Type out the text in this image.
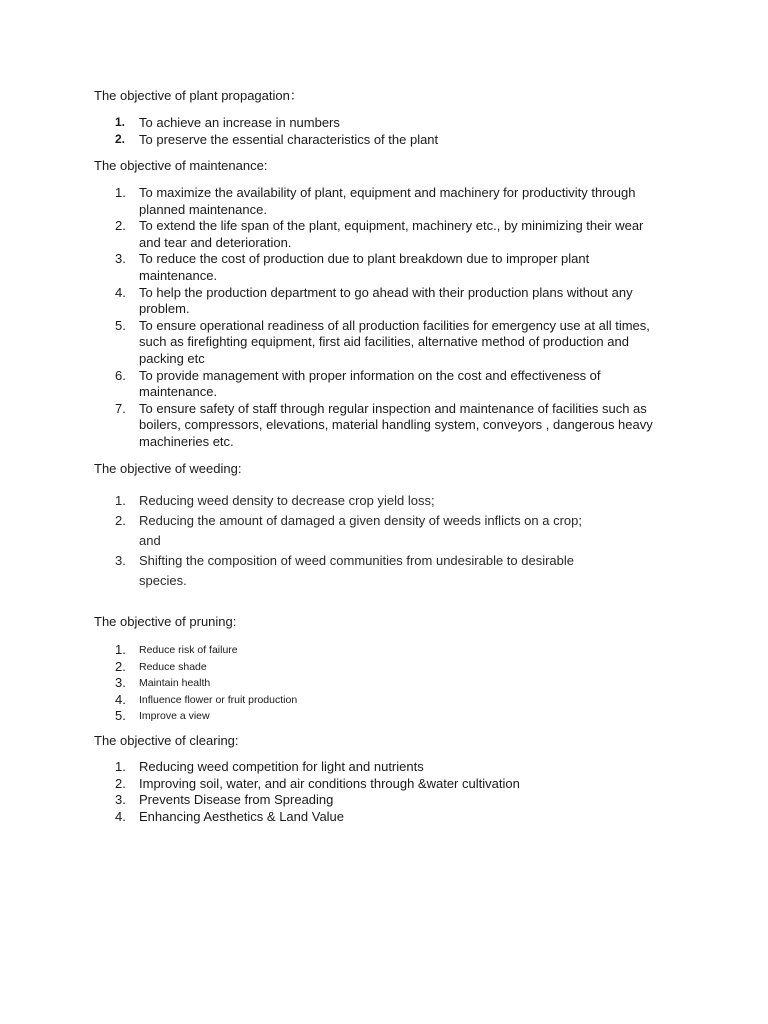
The objective of plant propagation：
1. To achieve an increase in numbers
2. To preserve the essential characteristics of the plant
The objective of maintenance:
1. To maximize the availability of plant, equipment and machinery for productivity through planned maintenance.
2. To extend the life span of the plant, equipment, machinery etc., by minimizing their wear and tear and deterioration.
3. To reduce the cost of production due to plant breakdown due to improper plant maintenance.
4. To help the production department to go ahead with their production plans without any problem.
5. To ensure operational readiness of all production facilities for emergency use at all times, such as firefighting equipment, first aid facilities, alternative method of production and packing etc
6. To provide management with proper information on the cost and effectiveness of maintenance.
7. To ensure safety of staff through regular inspection and maintenance of facilities such as boilers, compressors, elevations, material handling system, conveyors , dangerous heavy machineries etc.
The objective of weeding:
1. Reducing weed density to decrease crop yield loss;
2. Reducing the amount of damaged a given density of weeds inflicts on a crop; and
3. Shifting the composition of weed communities from undesirable to desirable species.
The objective of pruning:
1. Reduce risk of failure
2. Reduce shade
3. Maintain health
4. Influence flower or fruit production
5. Improve a view
The objective of clearing:
1. Reducing weed competition for light and nutrients
2. Improving soil, water, and air conditions through &water cultivation
3. Prevents Disease from Spreading
4. Enhancing Aesthetics & Land Value
